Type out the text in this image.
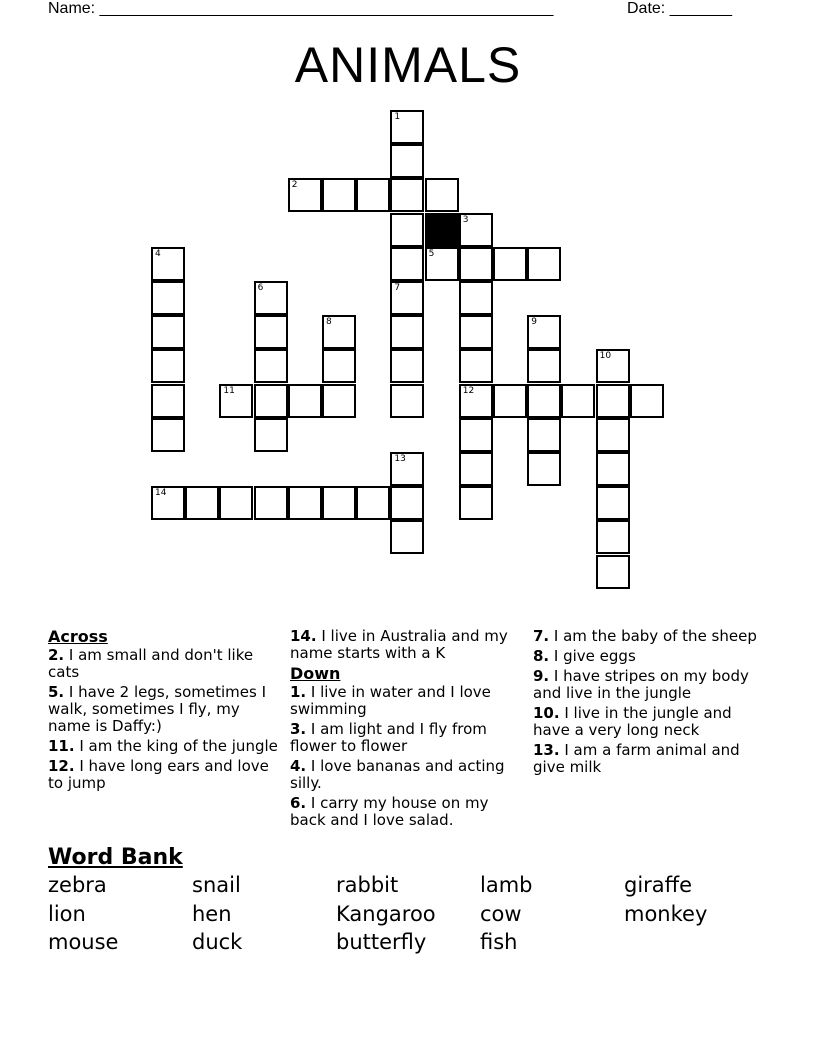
Name: ___________________________________________________	Date: _______
ANIMALS
1
2
3
12
4	5
6	7
8	9
10
11
13
14
Across
2. I am small and don't like cats
5. I have 2 legs, sometimes I walk, sometimes I fly, my name is Daffy:)
11. I am the king of the jungle
12. I have long ears and love to jump
14. I live in Australia and my name starts with a K
Down
1. I live in water and I love swimming
3. I am light and I fly from flower to flower
4. I love bananas and acting silly.
6. I carry my house on my back and I love salad.
7. I am the baby of the sheep
8. I give eggs
9. I have stripes on my body and live in the jungle
10. I live in the jungle and have a very long neck
13. I am a farm animal and give milk
Word Bank
zebra	snail	rabbit	lamb	giraffe
lion	hen	Kangaroo cow	monkey
mouse	duck	butterfly	fish
